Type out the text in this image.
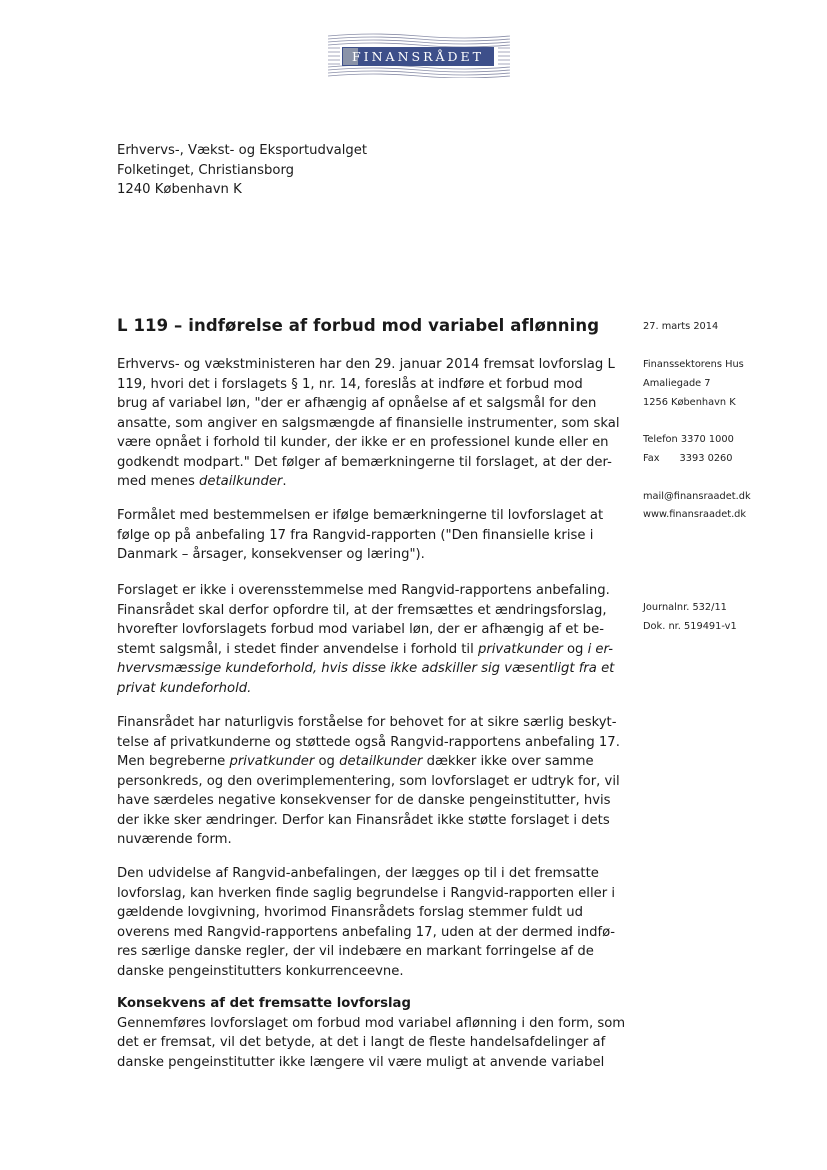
FINANSRÅDET
Erhvervs-, Vækst- og Eksportudvalget
Folketinget, Christiansborg
1240 København K
L 119 – indførelse af forbud mod variabel aflønning	27. marts 2014
Finanssektorens Hus
Amaliegade 7
1256 København K
Telefon 3370 1000
Fax 3393 0260
mail@finansraadet.dk
www.finansraadet.dk
Journalnr. 532/11
Dok. nr. 519491-v1
Erhvervs- og vækstministeren har den 29. januar 2014 fremsat lovforslag L
119, hvori det i forslagets § 1, nr. 14, foreslås at indføre et forbud mod
brug af variabel løn, "der er afhængig af opnåelse af et salgsmål for den
ansatte, som angiver en salgsmængde af finansielle instrumenter, som skal
være opnået i forhold til kunder, der ikke er en professionel kunde eller en
godkendt modpart." Det følger af bemærkningerne til forslaget, at der der-
med menes detailkunder.
Formålet med bestemmelsen er ifølge bemærkningerne til lovforslaget at
følge op på anbefaling 17 fra Rangvid-rapporten ("Den finansielle krise i
Danmark – årsager, konsekvenser og læring").
Forslaget er ikke i overensstemmelse med Rangvid-rapportens anbefaling.
Finansrådet skal derfor opfordre til, at der fremsættes et ændringsforslag,
hvorefter lovforslagets forbud mod variabel løn, der er afhængig af et be-
stemt salgsmål, i stedet finder anvendelse i forhold til privatkunder og i er-
hvervsmæssige kundeforhold, hvis disse ikke adskiller sig væsentligt fra et
privat kundeforhold.
Finansrådet har naturligvis forståelse for behovet for at sikre særlig beskyt-
telse af privatkunderne og støttede også Rangvid-rapportens anbefaling 17.
Men begreberne privatkunder og detailkunder dækker ikke over samme
personkreds, og den overimplementering, som lovforslaget er udtryk for, vil
have særdeles negative konsekvenser for de danske pengeinstitutter, hvis
der ikke sker ændringer. Derfor kan Finansrådet ikke støtte forslaget i dets
nuværende form.
Den udvidelse af Rangvid-anbefalingen, der lægges op til i det fremsatte
lovforslag, kan hverken finde saglig begrundelse i Rangvid-rapporten eller i
gældende lovgivning, hvorimod Finansrådets forslag stemmer fuldt ud
overens med Rangvid-rapportens anbefaling 17, uden at der dermed indfø-
res særlige danske regler, der vil indebære en markant forringelse af de
danske pengeinstitutters konkurrenceevne.
Konsekvens af det fremsatte lovforslag
Gennemføres lovforslaget om forbud mod variabel aflønning i den form, som
det er fremsat, vil det betyde, at det i langt de fleste handelsafdelinger af
danske pengeinstitutter ikke længere vil være muligt at anvende variabel
